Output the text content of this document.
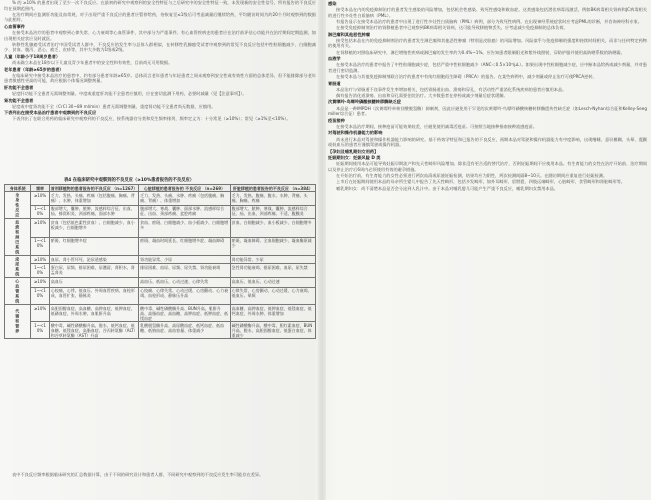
% 的 ≥10% 的患者出现了至少一次不良反应。在最初的研究中观察到的安全性特征与之后研究中的安全性特征一致，未发现新的安全性信号，所有报告的不良反应均在预期范围内。

在治疗期间应监测肝功能及血常规，对于出现严重不良反应的患者应暂停给药，待恢复至≤1级后可考虑减量后继续给药，平均随访时间为约20个月时观察到的数据与此相符。

心血管事件

在接受本品治疗的患者中观察到心律失常、心力衰竭等心血管事件，其中部分为严重事件。有心血管疾病史的患者应在治疗前评估心功能并在治疗期间定期监测，如出现相关症状应及时就医。

转移性乳腺癌受试者治疗中国受试者人群中，不良反应的发生率与总体人群相似，在转移性乳腺癌受试者中观察到的常见不良反应包括中性粒细胞减少、白细胞减少、贫血、腹泻、恶心、疲乏、皮疹等，其中大多数为1级或2级。

儿童（年龄小于18周岁患者）

尚未确立本品在18岁以下儿童及青少年患者中的安全性和有效性，目前尚无可用数据。

老年患者（年龄≥65岁的患者）

在临床研究中接受本品治疗的患者中，约有部分患者年龄≥65岁。总体而言老年患者与年轻患者之间未观察到安全性或有效性方面的总体差异，但不能排除部分老年患者敏感性更高的可能，故应根据个体情况调整剂量。

肝功能不全患者

轻度肝功能不全患者无需调整剂量。中度或重度肝功能不全患者应慎用，应在密切监测下用药，必要时减量（见【注意事项】）。

肾功能不全患者

轻度或中度肾功能不全（CrCl 30~89 ml/min）患者无需调整剂量，重度肾功能不全患者尚无数据，应慎用。

下表列出在接受本品治疗患者中观察到的不良反应

下表列出了在联合用药的临床研究中观察到的不良反应，按系统器官分类和发生频率排列，频率定义为：十分常见（≥10%）；常见（≥1%至<10%）。

表4 在临床研究中观察到的不良反应（≥10%患者报告的不良反应）
身体系统	频率	首剂移植物的患者报告的不良反应 （n=1267）	心脏移植的患者报告的 不良反应 （n=269）	肝脏移植的患者报告的不良反应 （n=384）

全身性反应	≥10%	乏力、发热、头痛、疼痛（包括腹痛、胸痛、背痛）、水肿、体重增加	乏力、发热、头痛、水肿、疼痛（包括腹痛、胸痛、背痛）、体重增加	乏力、发热、腹痛、腹水、水肿、背痛、头痛、胸痛、疼痛
	1~<10%	腹部增大、囊肿、脓肿、流感样综合征、出血、疝、蜂窝织炎、颈部疼痛、面部水肿	腹部增大、寒战、囊肿、面部水肿、流感样综合征、出血、颈部疼痛、盆腔疼痛	腹部增大、脓肿、寒战、囊肿、流感样综合征、疝、出血、颈部疼痛、不适、腹膜炎

血液和淋巴系统	≥10%	贫血（包括低色素性贫血）、白细胞减少、血小板减少、白细胞增多	贫血、瘀斑、白细胞减少、血小板减少、白细胞增多	贫血、白细胞减少、血小板减少、白细胞增多
	1~<10%	瘀斑、红细胞增多症	瘀斑、凝血时间延长、红细胞增多症、凝血障碍	瘀斑、凝血障碍、全血细胞减少、凝血酶原减少

泌尿系统	≥10%	血尿、肾小管坏死、泌尿道感染	肾功能异常、少尿	肾功能异常、少尿
	1~<10%	蛋白尿、尿频、排尿困难、尿潴留、肾积水、肾盂肾炎	排尿困难、血尿、尿频、尿失禁、肾功能衰竭	急性肾功能衰竭、排尿困难、血尿、尿失禁

心血管系统	≥10%	高血压	高血压、低血压、心动过速、心律失常	高血压、低血压、心动过速
	1~<10%	心绞痛、心悸、低血压、外周血管疾病、血栓形成、血管扩张、静脉炎	心绞痛、心律失常、心动过缓、心房颤动、心力衰竭、血栓形成、静脉压升高	心律失常、心房颤动、心动过缓、心力衰竭、低血压、晕厥

代谢和营养	≥10%	高胆固醇血症、高血糖、高钾血症、低钾血症、低磷血症、外周水肿、血肌酐升高	酸中毒、碱性磷酸酶升高、BUN升高、肌酐升高、高脂血症、高血糖、高钾血症、低钾血症、低镁血症	高血糖、高钾血症、低钾血症、低镁血症、低钙血症、外周水肿、体重增加
	1~<10%	酸中毒、碱性磷酸酶升高、脱水、低钙血症、低血糖、低镁血症、高脂血症、谷丙转氨酶（ALT）和谷草转氨酶（AST）升高	乳酸脱氢酶升高、高尿酸血症、低钙血症、低血糖、低钠血症、高血容量、体重减少	碱性磷酸酶升高、酸中毒、胆红素血症、BUN升高、脱水、高胆固醇血症、低蛋白血症、体重减少

表中不良反应频率根据临床研究的汇总数据计算，由于不同的研究设计和患者人群，不同研究中观察到的不良反应发生率可能存在差异。

感染

接受本品在内的免疫抑制治疗的患者发生感染的风险增加，包括机会性感染、致死性感染和败血症。这类感染包括潜伏病毒再激活，例如BK病毒相关肾病和JC病毒相关的进行性多灶性白质脑病（PML）。

有报告显示在接受本品治疗的患者中出现了进行性多灶性白质脑病（PML）病例，部分为致死性病例。在出现神经系统症状时应考虑PML的诊断，并咨询神经科专家。

在接受免疫抑制剂治疗的肾移植患者中已观察到BK病毒相关肾病，这可能导致移植物丢失。应考虑减少免疫抑制的总体负荷。

淋巴瘤和其他恶性肿瘤

接受包括本品在内的免疫抑制剂治疗的患者发生淋巴瘤和其他恶性肿瘤（特别是皮肤癌）的风险增加。风险似乎与免疫抑制的强度和持续时间相关，而非与任何特定药物的使用有关。

在肾移植的对照临床研究中，淋巴增殖性疾病或淋巴瘤的发生率约为0.4%~1%。应告知患者限制阳光和紫外线照射，穿防护服并使用高防晒系数的防晒霜。

血液学

在接受本品治疗的患者中报告了中性粒细胞减少症，包括严重中性粒细胞减少（ANC＜0.5×10³/μL）。如果出现中性粒细胞减少症，应中断本品给药或减少剂量，并对患者进行密切监测。

在接受本品与其他免疫抑制剂联合治疗的患者中有纯红细胞再生障碍（PRCA）的报告。在某些病例中，减少剂量或停止治疗可使PRCA逆转。

胃肠道

本品治疗与胃肠道不良事件发生率增加相关，包括胃肠道出血、溃疡和穿孔，有活动性严重消化系统疾病的患者应慎用本品。

偶有报告消化道溃疡、出血和穿孔需要住院治疗。大多数患者在停药或减少剂量后症状缓解。

次黄嘌呤-鸟嘌呤磷酸核糖转移酶缺乏症

本品是一种IMPDH（次黄嘌呤单核苷酸脱氢酶）抑制剂，因此应避免用于罕见的次黄嘌呤-鸟嘌呤磷酸核糖转移酶遗传性缺乏症（如Lesch-Nyhan综合征和Kelley-Seegmiller综合征）患者。

疫苗接种

在接受本品治疗期间，接种疫苗可能效果较差，应避免使用减毒活疫苗。可按照当地接种指南接种流感疫苗。

对驾驶和操作机器能力的影响

尚未进行本品对驾驶和操作机器能力影响的研究。基于药效学特征和已报告的不良反应，预期本品对驾驶和操作机器能力有中度影响，出现嗜睡、意识模糊、头晕、震颤或低血压的患者应谨慎驾驶或操作机器。

【孕妇及哺乳期妇女用药】

妊娠期妇女：妊娠风险 D 类

妊娠期间使用本品可能导致妊娠早期流产和先天性畸形风险增加。除非没有更合适的替代治疗，否则妊娠期间不应使用本品。有生育能力的女性在治疗开始前、治疗期间以及停止治疗后6周内必须使用有效的避孕措施。

在开始治疗前，有生育能力的女性必须进行两次血清或尿液妊娠检测，结果均应为阴性，两次检测间隔8~10天。在随访期间应重复进行妊娠检测。

上市后在妊娠期间使用本品的母亲所生婴儿中报告了先天性畸形，包括多发畸形，如外耳畸形、唇腭裂、四肢远端畸形、心脏畸形、食管畸形和肾脏畸形等。

哺乳期妇女：尚不清楚本品是否会分泌到人乳汁中。由于本品对哺乳婴儿可能产生严重不良反应，哺乳期妇女禁用本品。
